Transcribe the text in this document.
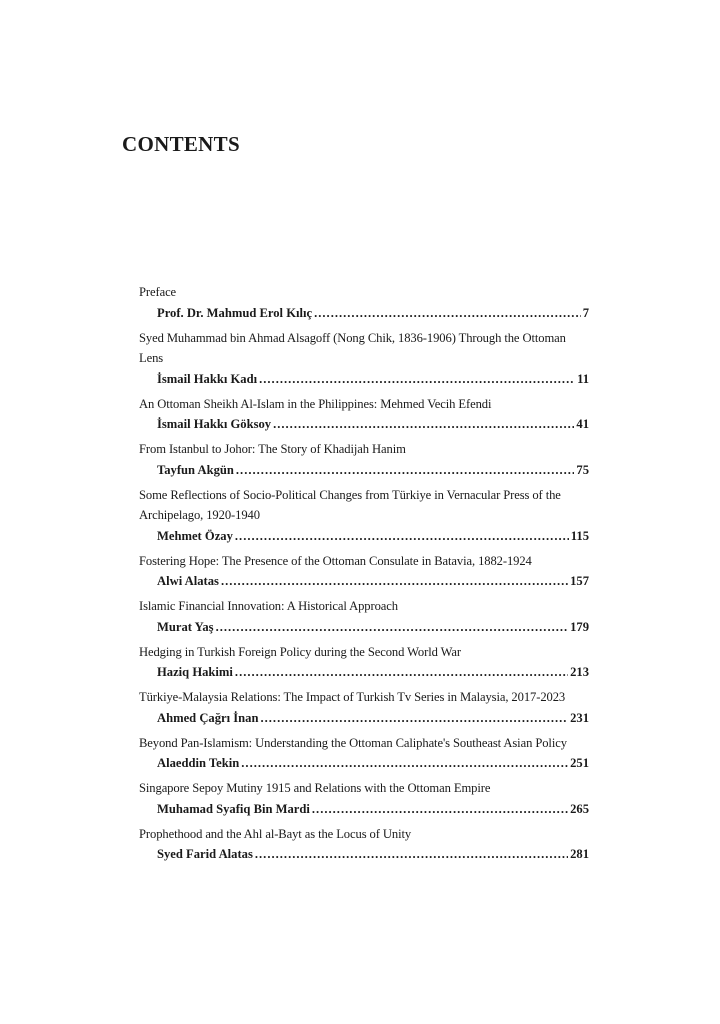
CONTENTS
Preface
Prof. Dr. Mahmud Erol Kılıç .....	7
Syed Muhammad bin Ahmad Alsagoff (Nong Chik, 1836-1906) Through the Ottoman Lens
İsmail Hakkı Kadı .....	11
An Ottoman Sheikh Al-Islam in the Philippines: Mehmed Vecih Efendi
İsmail Hakkı Göksoy .....	41
From Istanbul to Johor: The Story of Khadijah Hanim
Tayfun Akgün .....	75
Some Reflections of Socio-Political Changes from Türkiye in Vernacular Press of the Archipelago, 1920-1940
Mehmet Özay .....	115
Fostering Hope: The Presence of the Ottoman Consulate in Batavia, 1882-1924
Alwi Alatas .....	157
Islamic Financial Innovation: A Historical Approach
Murat Yaş .....	179
Hedging in Turkish Foreign Policy during the Second World War
Haziq Hakimi .....	213
Türkiye-Malaysia Relations: The Impact of Turkish Tv Series in Malaysia, 2017-2023
Ahmed Çağrı İnan .....	231
Beyond Pan-Islamism: Understanding the Ottoman Caliphate's Southeast Asian Policy
Alaeddin Tekin .....	251
Singapore Sepoy Mutiny 1915 and Relations with the Ottoman Empire
Muhamad Syafiq Bin Mardi .....	265
Prophethood and the Ahl al-Bayt as the Locus of Unity
Syed Farid Alatas .....	281
